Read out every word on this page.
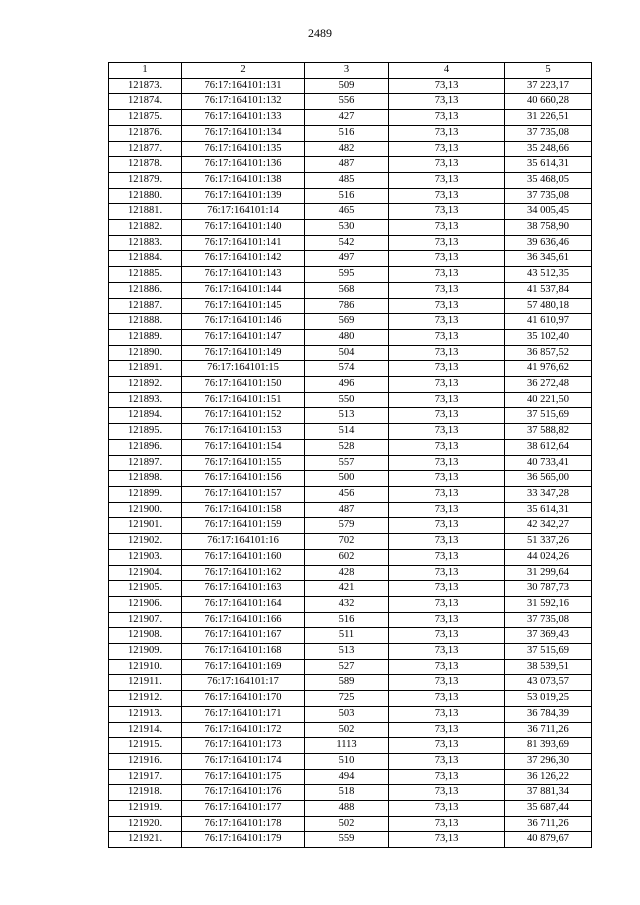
2489
1	2	3	4	5
121873.	76:17:164101:131	509	73,13	37 223,17
121874.	76:17:164101:132	556	73,13	40 660,28
121875.	76:17:164101:133	427	73,13	31 226,51
121876.	76:17:164101:134	516	73,13	37 735,08
121877.	76:17:164101:135	482	73,13	35 248,66
121878.	76:17:164101:136	487	73,13	35 614,31
121879.	76:17:164101:138	485	73,13	35 468,05
121880.	76:17:164101:139	516	73,13	37 735,08
121881.	76:17:164101:14	465	73,13	34 005,45
121882.	76:17:164101:140	530	73,13	38 758,90
121883.	76:17:164101:141	542	73,13	39 636,46
121884.	76:17:164101:142	497	73,13	36 345,61
121885.	76:17:164101:143	595	73,13	43 512,35
121886.	76:17:164101:144	568	73,13	41 537,84
121887.	76:17:164101:145	786	73,13	57 480,18
121888.	76:17:164101:146	569	73,13	41 610,97
121889.	76:17:164101:147	480	73,13	35 102,40
121890.	76:17:164101:149	504	73,13	36 857,52
121891.	76:17:164101:15	574	73,13	41 976,62
121892.	76:17:164101:150	496	73,13	36 272,48
121893.	76:17:164101:151	550	73,13	40 221,50
121894.	76:17:164101:152	513	73,13	37 515,69
121895.	76:17:164101:153	514	73,13	37 588,82
121896.	76:17:164101:154	528	73,13	38 612,64
121897.	76:17:164101:155	557	73,13	40 733,41
121898.	76:17:164101:156	500	73,13	36 565,00
121899.	76:17:164101:157	456	73,13	33 347,28
121900.	76:17:164101:158	487	73,13	35 614,31
121901.	76:17:164101:159	579	73,13	42 342,27
121902.	76:17:164101:16	702	73,13	51 337,26
121903.	76:17:164101:160	602	73,13	44 024,26
121904.	76:17:164101:162	428	73,13	31 299,64
121905.	76:17:164101:163	421	73,13	30 787,73
121906.	76:17:164101:164	432	73,13	31 592,16
121907.	76:17:164101:166	516	73,13	37 735,08
121908.	76:17:164101:167	511	73,13	37 369,43
121909.	76:17:164101:168	513	73,13	37 515,69
121910.	76:17:164101:169	527	73,13	38 539,51
121911.	76:17:164101:17	589	73,13	43 073,57
121912.	76:17:164101:170	725	73,13	53 019,25
121913.	76:17:164101:171	503	73,13	36 784,39
121914.	76:17:164101:172	502	73,13	36 711,26
121915.	76:17:164101:173	1113	73,13	81 393,69
121916.	76:17:164101:174	510	73,13	37 296,30
121917.	76:17:164101:175	494	73,13	36 126,22
121918.	76:17:164101:176	518	73,13	37 881,34
121919.	76:17:164101:177	488	73,13	35 687,44
121920.	76:17:164101:178	502	73,13	36 711,26
121921.	76:17:164101:179	559	73,13	40 879,67
